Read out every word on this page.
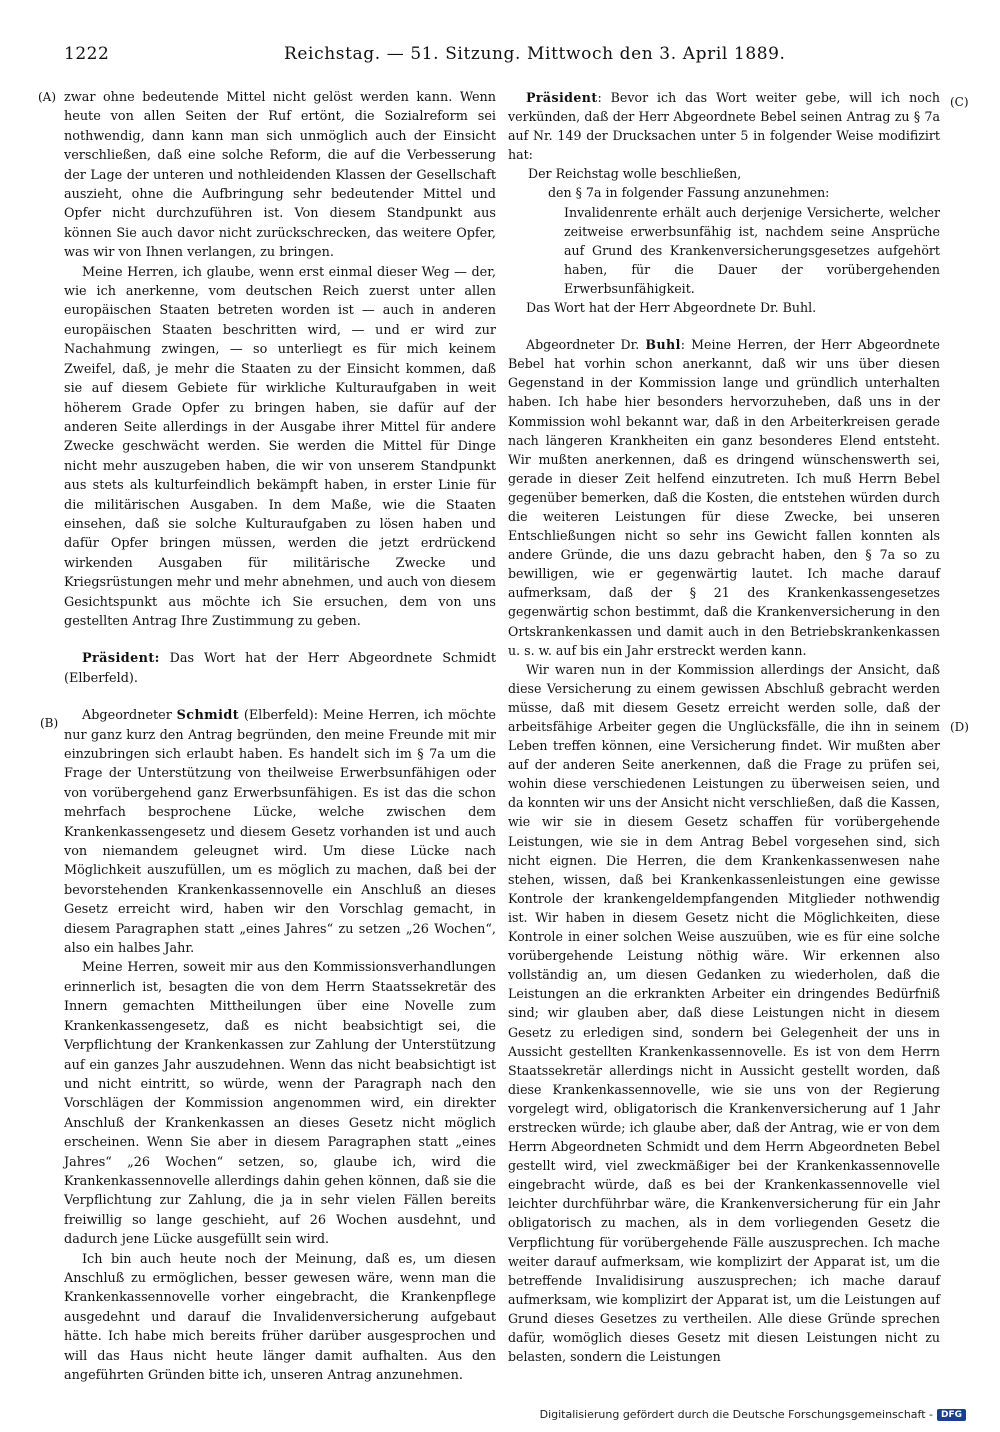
1222	Reichstag. — 51. Sitzung. Mittwoch den 3. April 1889.
(A)
(B)
(C)
(D)

zwar ohne bedeutende Mittel nicht gelöst werden kann. Wenn heute von allen Seiten der Ruf ertönt, die Sozialreform sei nothwendig, dann kann man sich unmöglich auch der Einsicht verschließen, daß eine solche Reform, die auf die Verbesserung der Lage der unteren und nothleidenden Klassen der Gesellschaft auszieht, ohne die Aufbringung sehr bedeutender Mittel und Opfer nicht durchzuführen ist. Von diesem Standpunkt aus können Sie auch davor nicht zurückschrecken, das weitere Opfer, was wir von Ihnen verlangen, zu bringen.

Meine Herren, ich glaube, wenn erst einmal dieser Weg — der, wie ich anerkenne, vom deutschen Reich zuerst unter allen europäischen Staaten betreten worden ist — auch in anderen europäischen Staaten beschritten wird, — und er wird zur Nachahmung zwingen, — so unterliegt es für mich keinem Zweifel, daß, je mehr die Staaten zu der Einsicht kommen, daß sie auf diesem Gebiete für wirkliche Kulturaufgaben in weit höherem Grade Opfer zu bringen haben, sie dafür auf der anderen Seite allerdings in der Ausgabe ihrer Mittel für andere Zwecke geschwächt werden. Sie werden die Mittel für Dinge nicht mehr auszugeben haben, die wir von unserem Standpunkt aus stets als kulturfeindlich bekämpft haben, in erster Linie für die militärischen Ausgaben. In dem Maße, wie die Staaten einsehen, daß sie solche Kulturaufgaben zu lösen haben und dafür Opfer bringen müssen, werden die jetzt erdrückend wirkenden Ausgaben für militärische Zwecke und Kriegsrüstungen mehr und mehr abnehmen, und auch von diesem Gesichtspunkt aus möchte ich Sie ersuchen, dem von uns gestellten Antrag Ihre Zustimmung zu geben.

Präsident: Das Wort hat der Herr Abgeordnete Schmidt (Elberfeld).

Abgeordneter Schmidt (Elberfeld): Meine Herren, ich möchte nur ganz kurz den Antrag begründen, den meine Freunde mit mir einzubringen sich erlaubt haben. Es handelt sich im § 7a um die Frage der Unterstützung von theilweise Erwerbsunfähigen oder von vorübergehend ganz Erwerbsunfähigen. Es ist das die schon mehrfach besprochene Lücke, welche zwischen dem Krankenkassengesetz und diesem Gesetz vorhanden ist und auch von niemandem geleugnet wird. Um diese Lücke nach Möglichkeit auszufüllen, um es möglich zu machen, daß bei der bevorstehenden Krankenkassennovelle ein Anschluß an dieses Gesetz erreicht wird, haben wir den Vorschlag gemacht, in diesem Paragraphen statt „eines Jahres“ zu setzen „26 Wochen“, also ein halbes Jahr.

Meine Herren, soweit mir aus den Kommissionsverhandlungen erinnerlich ist, besagten die von dem Herrn Staatssekretär des Innern gemachten Mittheilungen über eine Novelle zum Krankenkassengesetz, daß es nicht beabsichtigt sei, die Verpflichtung der Krankenkassen zur Zahlung der Unterstützung auf ein ganzes Jahr auszudehnen. Wenn das nicht beabsichtigt ist und nicht eintritt, so würde, wenn der Paragraph nach den Vorschlägen der Kommission angenommen wird, ein direkter Anschluß der Krankenkassen an dieses Gesetz nicht möglich erscheinen. Wenn Sie aber in diesem Paragraphen statt „eines Jahres“ „26 Wochen“ setzen, so, glaube ich, wird die Krankenkassennovelle allerdings dahin gehen können, daß sie die Verpflichtung zur Zahlung, die ja in sehr vielen Fällen bereits freiwillig so lange geschieht, auf 26 Wochen ausdehnt, und dadurch jene Lücke ausgefüllt sein wird.

Ich bin auch heute noch der Meinung, daß es, um diesen Anschluß zu ermöglichen, besser gewesen wäre, wenn man die Krankenkassennovelle vorher eingebracht, die Krankenpflege ausgedehnt und darauf die Invalidenversicherung aufgebaut hätte. Ich habe mich bereits früher darüber ausgesprochen und will das Haus nicht heute länger damit aufhalten. Aus den angeführten Gründen bitte ich, unseren Antrag anzunehmen.

Präsident: Bevor ich das Wort weiter gebe, will ich noch verkünden, daß der Herr Abgeordnete Bebel seinen Antrag zu § 7a auf Nr. 149 der Drucksachen unter 5 in folgender Weise modifizirt hat:

Der Reichstag wolle beschließen,

den § 7a in folgender Fassung anzunehmen:

Invalidenrente erhält auch derjenige Versicherte, welcher zeitweise erwerbsunfähig ist, nachdem seine Ansprüche auf Grund des Krankenversicherungsgesetzes aufgehört haben, für die Dauer der vorübergehenden Erwerbsunfähigkeit.

Das Wort hat der Herr Abgeordnete Dr. Buhl.

Abgeordneter Dr. Buhl: Meine Herren, der Herr Abgeordnete Bebel hat vorhin schon anerkannt, daß wir uns über diesen Gegenstand in der Kommission lange und gründlich unterhalten haben. Ich habe hier besonders hervorzuheben, daß uns in der Kommission wohl bekannt war, daß in den Arbeiterkreisen gerade nach längeren Krankheiten ein ganz besonderes Elend entsteht. Wir mußten anerkennen, daß es dringend wünschenswerth sei, gerade in dieser Zeit helfend einzutreten. Ich muß Herrn Bebel gegenüber bemerken, daß die Kosten, die entstehen würden durch die weiteren Leistungen für diese Zwecke, bei unseren Entschließungen nicht so sehr ins Gewicht fallen konnten als andere Gründe, die uns dazu gebracht haben, den § 7a so zu bewilligen, wie er gegenwärtig lautet. Ich mache darauf aufmerksam, daß der § 21 des Krankenkassengesetzes gegenwärtig schon bestimmt, daß die Krankenversicherung in den Ortskrankenkassen und damit auch in den Betriebskrankenkassen u. s. w. auf bis ein Jahr erstreckt werden kann.

Wir waren nun in der Kommission allerdings der Ansicht, daß diese Versicherung zu einem gewissen Abschluß gebracht werden müsse, daß mit diesem Gesetz erreicht werden solle, daß der arbeitsfähige Arbeiter gegen die Unglücksfälle, die ihn in seinem Leben treffen können, eine Versicherung findet. Wir mußten aber auf der anderen Seite anerkennen, daß die Frage zu prüfen sei, wohin diese verschiedenen Leistungen zu überweisen seien, und da konnten wir uns der Ansicht nicht verschließen, daß die Kassen, wie wir sie in diesem Gesetz schaffen für vorübergehende Leistungen, wie sie in dem Antrag Bebel vorgesehen sind, sich nicht eignen. Die Herren, die dem Krankenkassenwesen nahe stehen, wissen, daß bei Krankenkassenleistungen eine gewisse Kontrole der krankengeldempfangenden Mitglieder nothwendig ist. Wir haben in diesem Gesetz nicht die Möglichkeiten, diese Kontrole in einer solchen Weise auszuüben, wie es für eine solche vorübergehende Leistung nöthig wäre. Wir erkennen also vollständig an, um diesen Gedanken zu wiederholen, daß die Leistungen an die erkrankten Arbeiter ein dringendes Bedürfniß sind; wir glauben aber, daß diese Leistungen nicht in diesem Gesetz zu erledigen sind, sondern bei Gelegenheit der uns in Aussicht gestellten Krankenkassennovelle. Es ist von dem Herrn Staatssekretär allerdings nicht in Aussicht gestellt worden, daß diese Krankenkassennovelle, wie sie uns von der Regierung vorgelegt wird, obligatorisch die Krankenversicherung auf 1 Jahr erstrecken würde; ich glaube aber, daß der Antrag, wie er von dem Herrn Abgeordneten Schmidt und dem Herrn Abgeordneten Bebel gestellt wird, viel zweckmäßiger bei der Krankenkassennovelle eingebracht würde, daß es bei der Krankenkassennovelle viel leichter durchführbar wäre, die Krankenversicherung für ein Jahr obligatorisch zu machen, als in dem vorliegenden Gesetz die Verpflichtung für vorübergehende Fälle auszusprechen. Ich mache weiter darauf aufmerksam, wie komplizirt der Apparat ist, um die betreffende Invalidisirung auszusprechen; ich mache darauf aufmerksam, wie komplizirt der Apparat ist, um die Leistungen auf Grund dieses Gesetzes zu vertheilen. Alle diese Gründe sprechen dafür, womöglich dieses Gesetz mit diesen Leistungen nicht zu belasten, sondern die Leistungen

Digitalisierung gefördert durch die Deutsche Forschungsgemeinschaft - DFG
